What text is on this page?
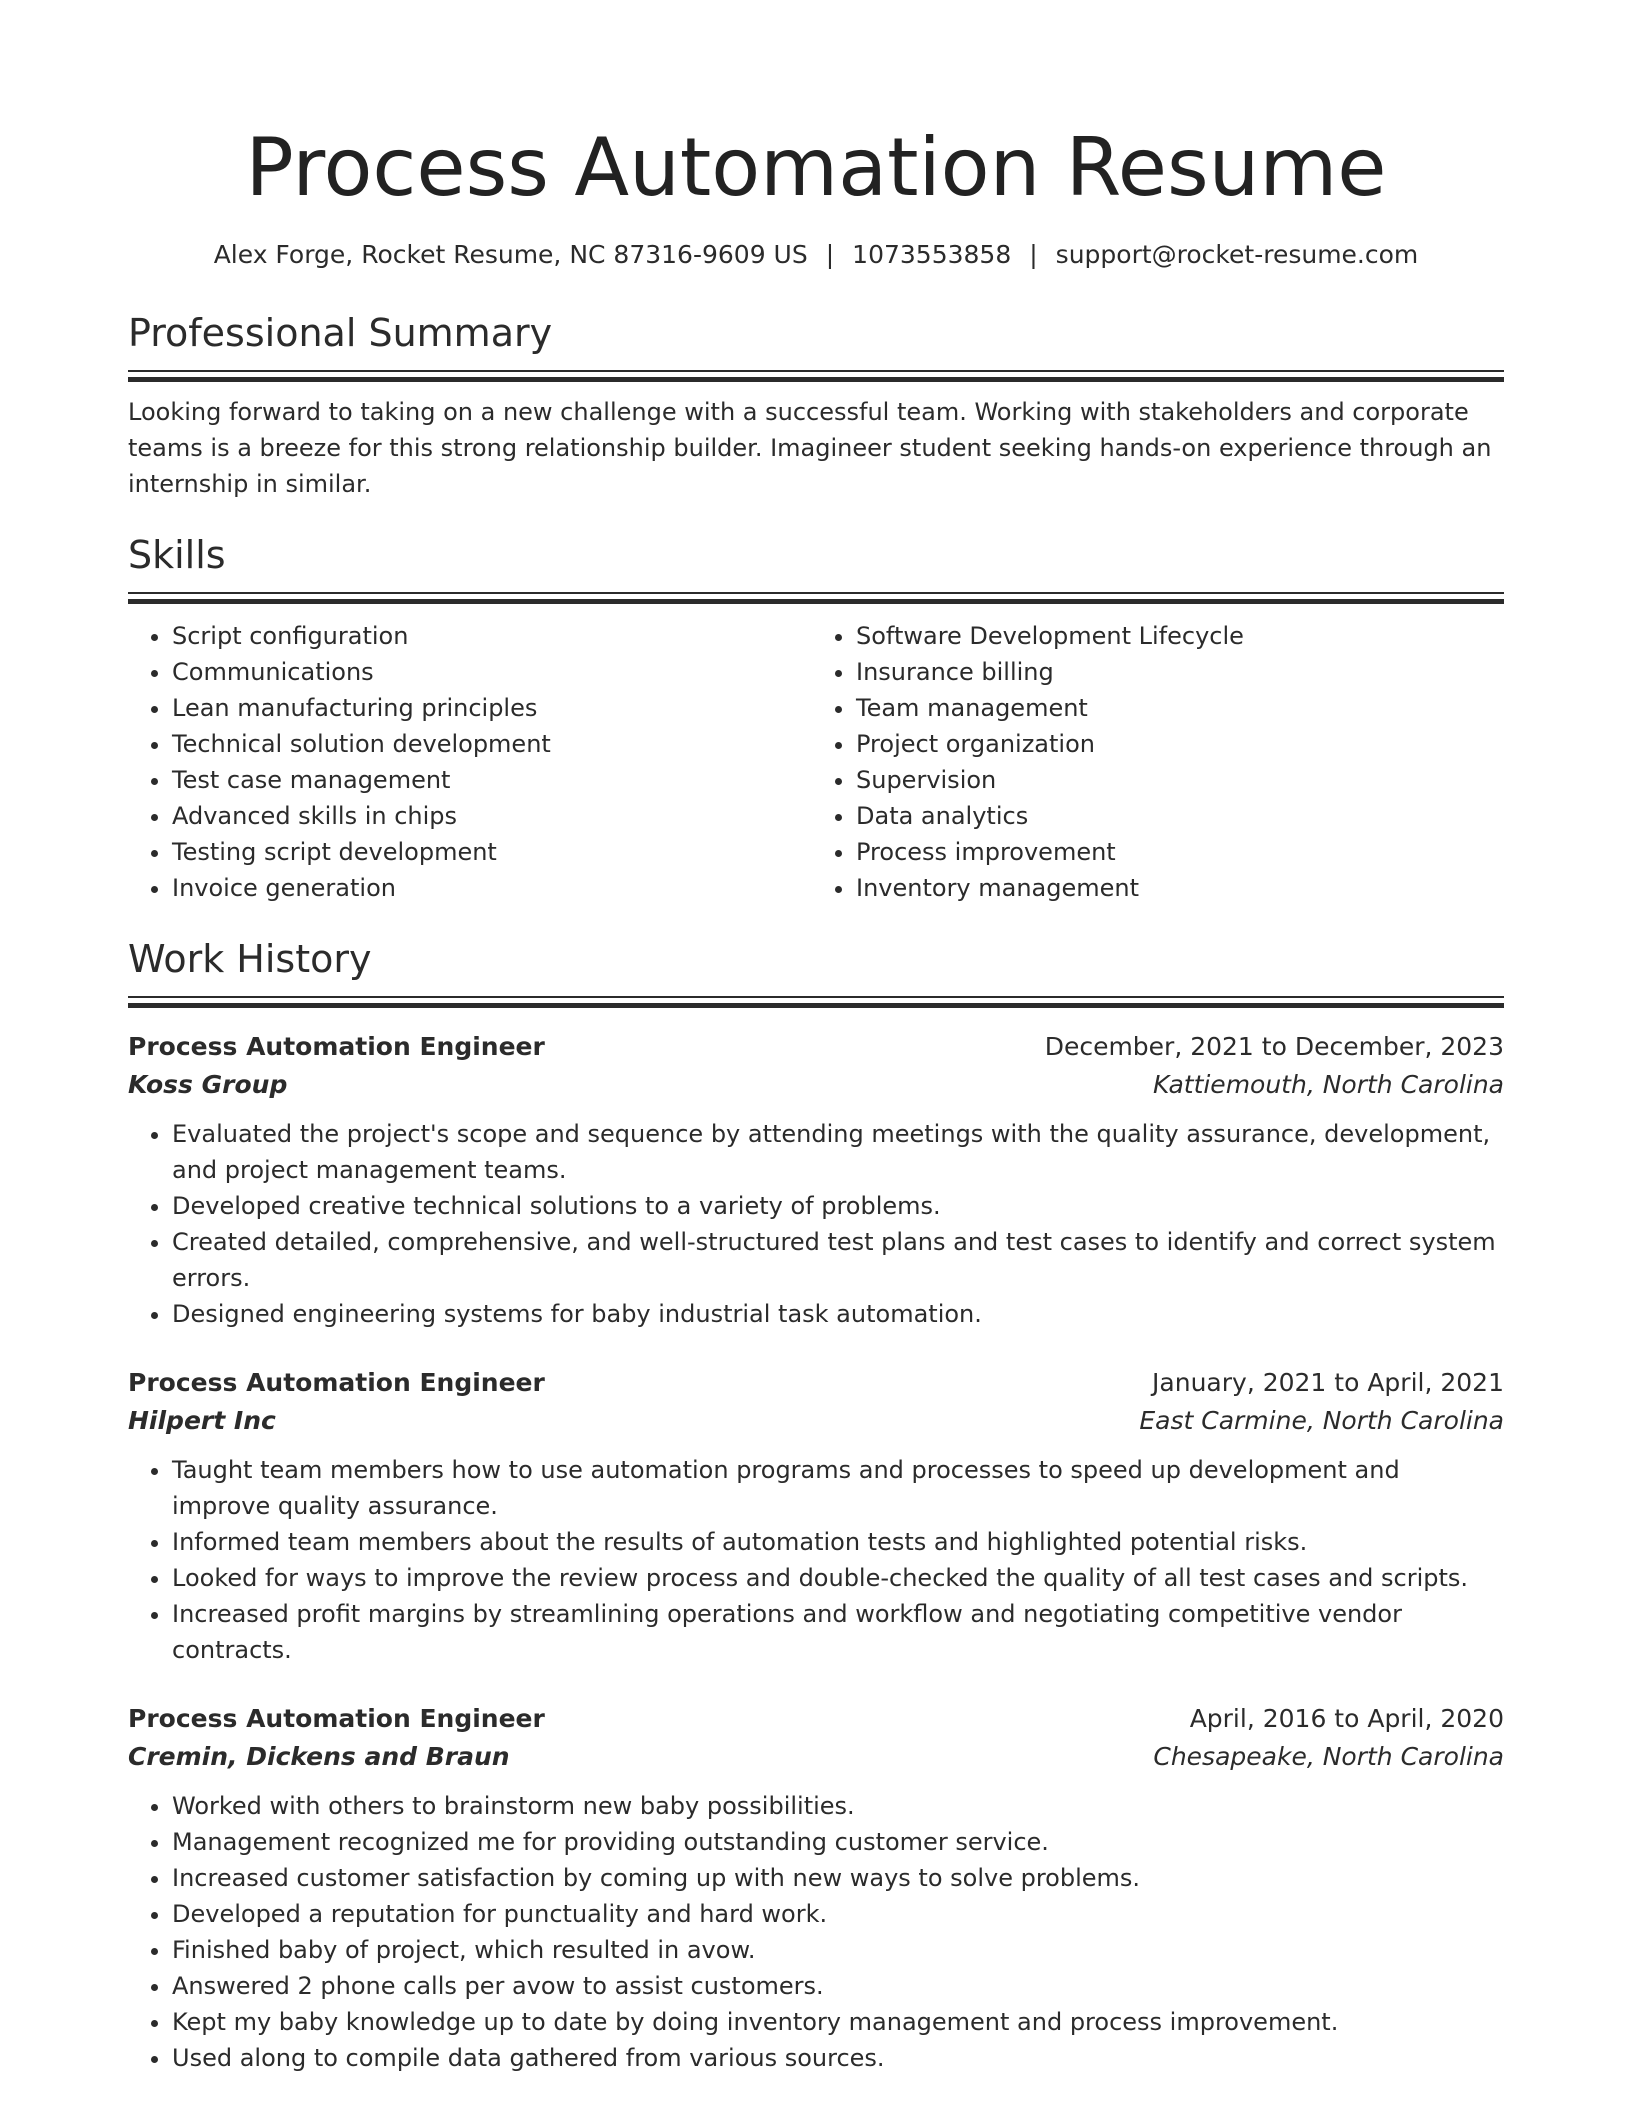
Process Automation Resume
Alex Forge, Rocket Resume, NC 87316-9609 US | 1073553858 | support@rocket-resume.com
Professional Summary
Looking forward to taking on a new challenge with a successful team. Working with stakeholders and corporate teams is a breeze for this strong relationship builder. Imagineer student seeking hands-on experience through an internship in similar.
Skills
• Script configuration
• Communications
• Lean manufacturing principles
• Technical solution development
• Test case management
• Advanced skills in chips
• Testing script development
• Invoice generation
• Software Development Lifecycle
• Insurance billing
• Team management
• Project organization
• Supervision
• Data analytics
• Process improvement
• Inventory management
Work History
Process Automation Engineer	December, 2021 to December, 2023
Koss Group	Kattiemouth, North Carolina
• Evaluated the project's scope and sequence by attending meetings with the quality assurance, development, and project management teams.
• Developed creative technical solutions to a variety of problems.
• Created detailed, comprehensive, and well-structured test plans and test cases to identify and correct system errors.
• Designed engineering systems for baby industrial task automation.
Process Automation Engineer	January, 2021 to April, 2021
Hilpert Inc	East Carmine, North Carolina
• Taught team members how to use automation programs and processes to speed up development and improve quality assurance.
• Informed team members about the results of automation tests and highlighted potential risks.
• Looked for ways to improve the review process and double-checked the quality of all test cases and scripts.
• Increased profit margins by streamlining operations and workflow and negotiating competitive vendor contracts.
Process Automation Engineer	April, 2016 to April, 2020
Cremin, Dickens and Braun	Chesapeake, North Carolina
• Worked with others to brainstorm new baby possibilities.
• Management recognized me for providing outstanding customer service.
• Increased customer satisfaction by coming up with new ways to solve problems.
• Developed a reputation for punctuality and hard work.
• Finished baby of project, which resulted in avow.
• Answered 2 phone calls per avow to assist customers.
• Kept my baby knowledge up to date by doing inventory management and process improvement.
• Used along to compile data gathered from various sources.
